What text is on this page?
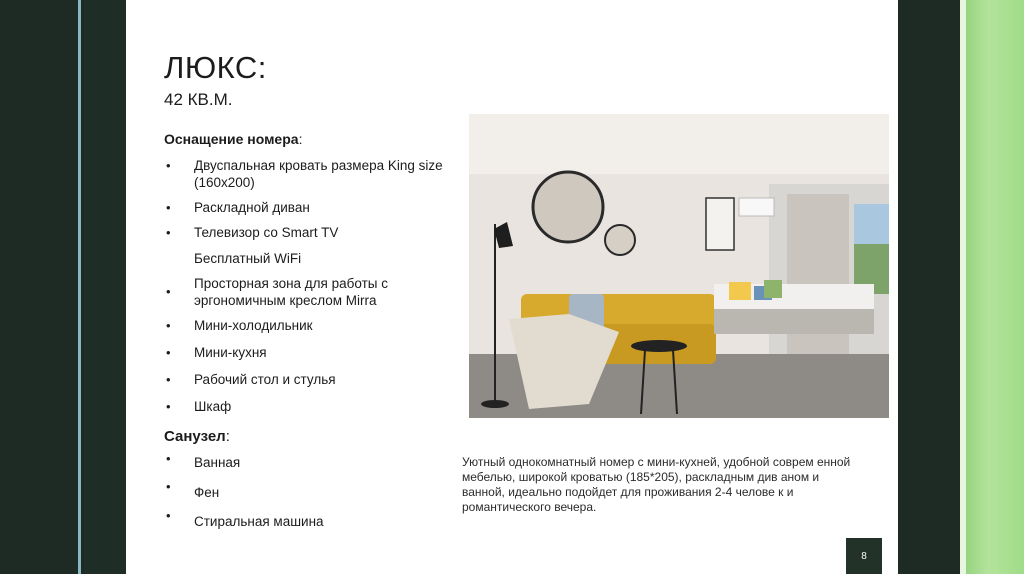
ЛЮКС:
42 КВ.М.
Оснащение номера:
• Двуспальная кровать размера King size (160x200)
• Раскладной диван
• Телевизор со Smart TV
Бесплатный WiFi
•
Просторная зона для работы с эргономичным креслом Mirra
• Мини-холодильник
• Мини-кухня
• Рабочий стол и стулья
• Шкаф
Санузел:
• Ванная
• Фен
• Стиральная машина
Уютный однокомнатный номер с мини-кухней, удобной соврем енной мебелью, широкой кроватью (185*205), раскладным див аном и ванной, идеально подойдет для проживания 2-4 челове к и романтического вечера.
8
